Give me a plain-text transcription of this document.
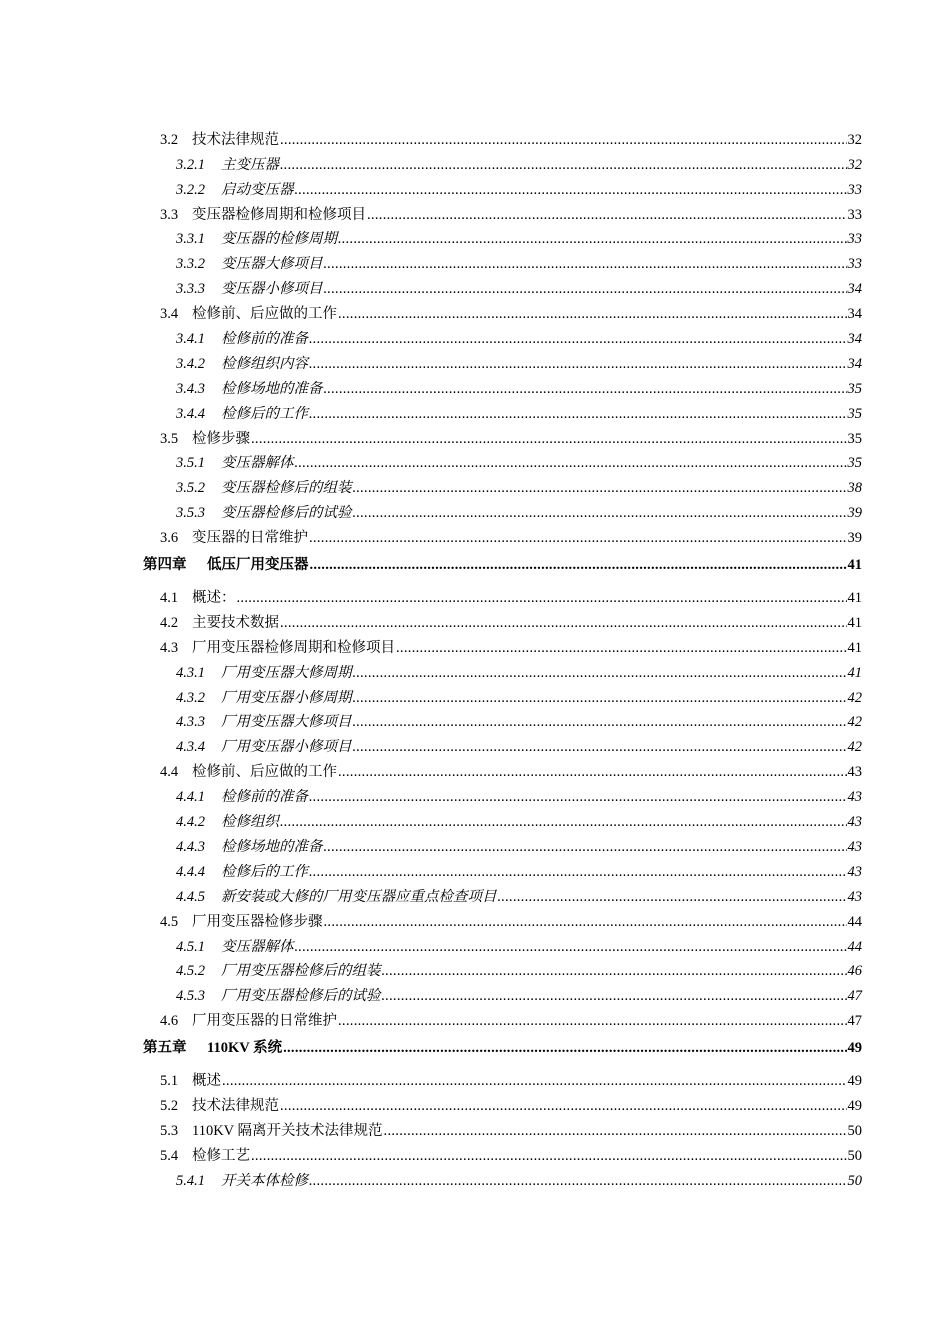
3.2 技术法律规范 .....	32
3.2.1 主变压器 .....	32
3.2.2 启动变压器 .....	33
3.3 变压器检修周期和检修项目 .....	33
3.3.1 变压器的检修周期 .....	33
3.3.2 变压器大修项目 .....	33
3.3.3 变压器小修项目 .....	34
3.4 检修前、后应做的工作 .....	34
3.4.1 检修前的准备 .....	34
3.4.2 检修组织内容 .....	34
3.4.3 检修场地的准备 .....	35
3.4.4 检修后的工作 .....	35
3.5 检修步骤 .....	35
3.5.1 变压器解体 .....	35
3.5.2 变压器检修后的组装 .....	38
3.5.3 变压器检修后的试验 .....	39
3.6 变压器的日常维护 .....	39
第四章 低压厂用变压器 .....	41
4.1 概述： .....	41
4.2 主要技术数据 .....	41
4.3 厂用变压器检修周期和检修项目 .....	41
4.3.1 厂用变压器大修周期 .....	41
4.3.2 厂用变压器小修周期 .....	42
4.3.3 厂用变压器大修项目 .....	42
4.3.4 厂用变压器小修项目 .....	42
4.4 检修前、后应做的工作 .....	43
4.4.1 检修前的准备 .....	43
4.4.2 检修组织 .....	43
4.4.3 检修场地的准备 .....	43
4.4.4 检修后的工作 .....	43
4.4.5 新安装或大修的厂用变压器应重点检查项目 .....	43
4.5 厂用变压器检修步骤 .....	44
4.5.1 变压器解体 .....	44
4.5.2 厂用变压器检修后的组装 .....	46
4.5.3 厂用变压器检修后的试验 .....	47
4.6 厂用变压器的日常维护 .....	47
第五章 110KV 系统 .....	49
5.1 概述 .....	49
5.2 技术法律规范 .....	49
5.3 110KV 隔离开关技术法律规范 .....	50
5.4 检修工艺 .....	50
5.4.1 开关本体检修 .....	50
